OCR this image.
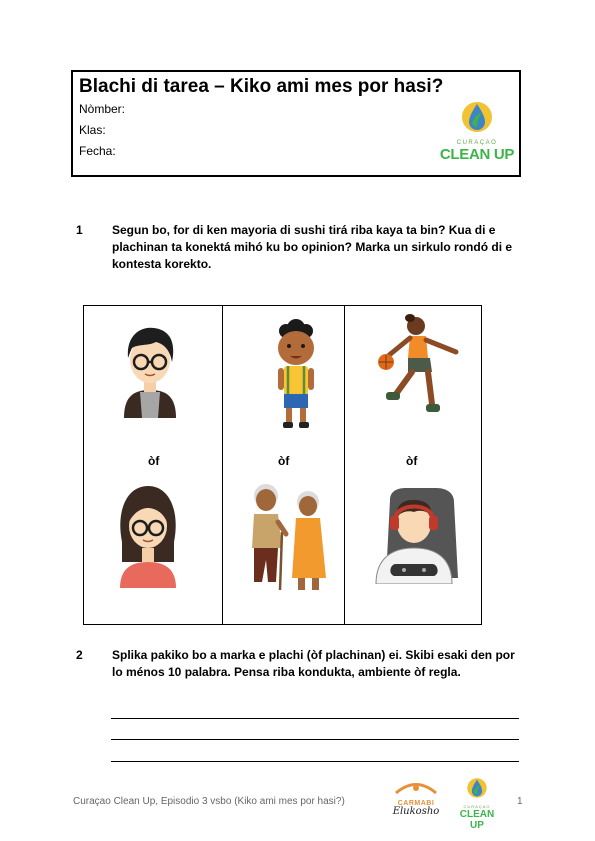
Blachi di tarea – Kiko ami mes por hasi?
Nòmber:
Klas:
Fecha:
CURAÇAO
CLEAN UP
1 Segun bo, for di ken mayoria di sushi tirá riba kaya ta bin? Kua di e
plachinan ta konektá mihó ku bo opinion? Marka un sirkulo rondó di e
kontesta korekto.
òf	òf	òf
2 Splika pakiko bo a marka e plachi (òf plachinan) ei. Skibi esaki den por
lo ménos 10 palabra. Pensa riba kondukta, ambiente òf regla.
Curaçao Clean Up, Episodio 3 vsbo (Kiko ami mes por hasi?)	CARMABI
Elukosho	CURAÇAO
CLEAN UP
1
